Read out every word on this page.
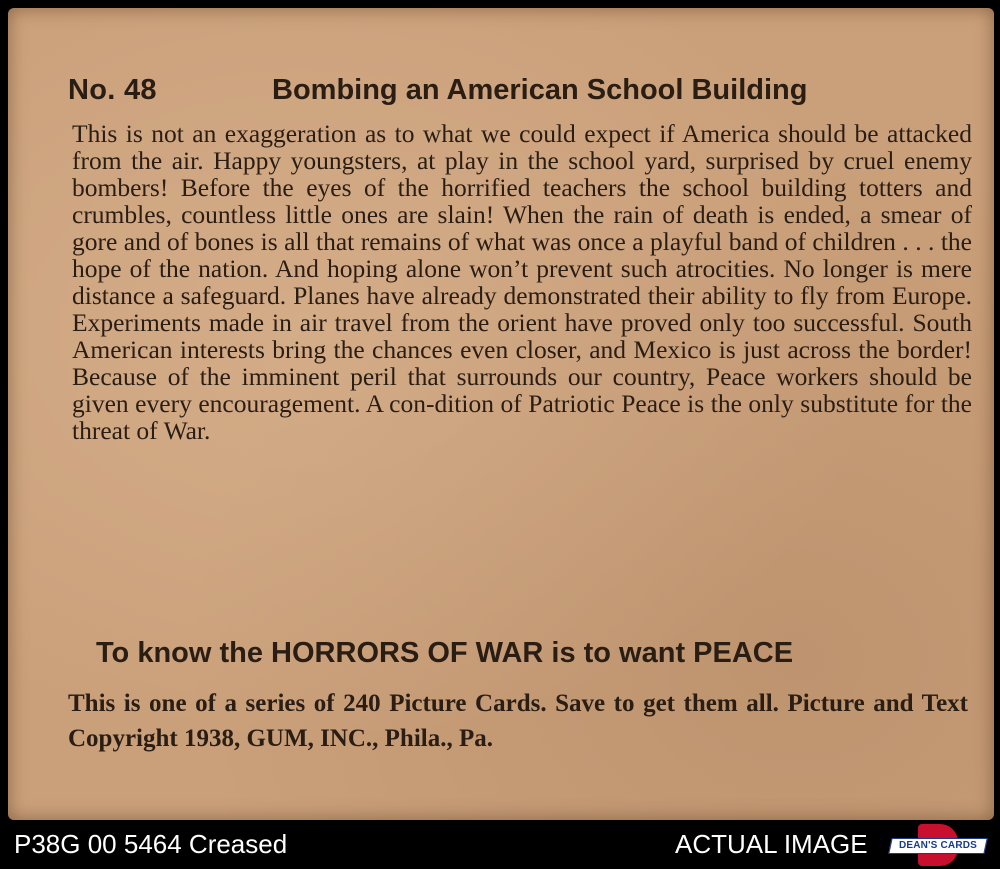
No. 48	Bombing an American School Building

This is not an exaggeration as to what we could expect if America should be attacked from the air. Happy youngsters, at play in the school yard, surprised by cruel enemy bombers! Before the eyes of the horrified teachers the school building totters and crumbles, countless little ones are slain! When the rain of death is ended, a smear of gore and of bones is all that remains of what was once a playful band of children . . . the hope of the nation. And hoping alone won’t prevent such atrocities. No longer is mere distance a safeguard. Planes have already demonstrated their ability to fly from Europe. Experiments made in air travel from the orient have proved only too successful. South American interests bring the chances even closer, and Mexico is just across the border! Because of the imminent peril that surrounds our country, Peace workers should be given every encouragement. A con-dition of Patriotic Peace is the only substitute for the threat of War.

To know the HORRORS OF WAR is to want PEACE

This is one of a series of 240 Picture Cards. Save to get them all. Picture and Text Copyright 1938, GUM, INC., Phila., Pa.

P38G 00 5464 Creased	ACTUAL IMAGE	DEAN'S CARDS
